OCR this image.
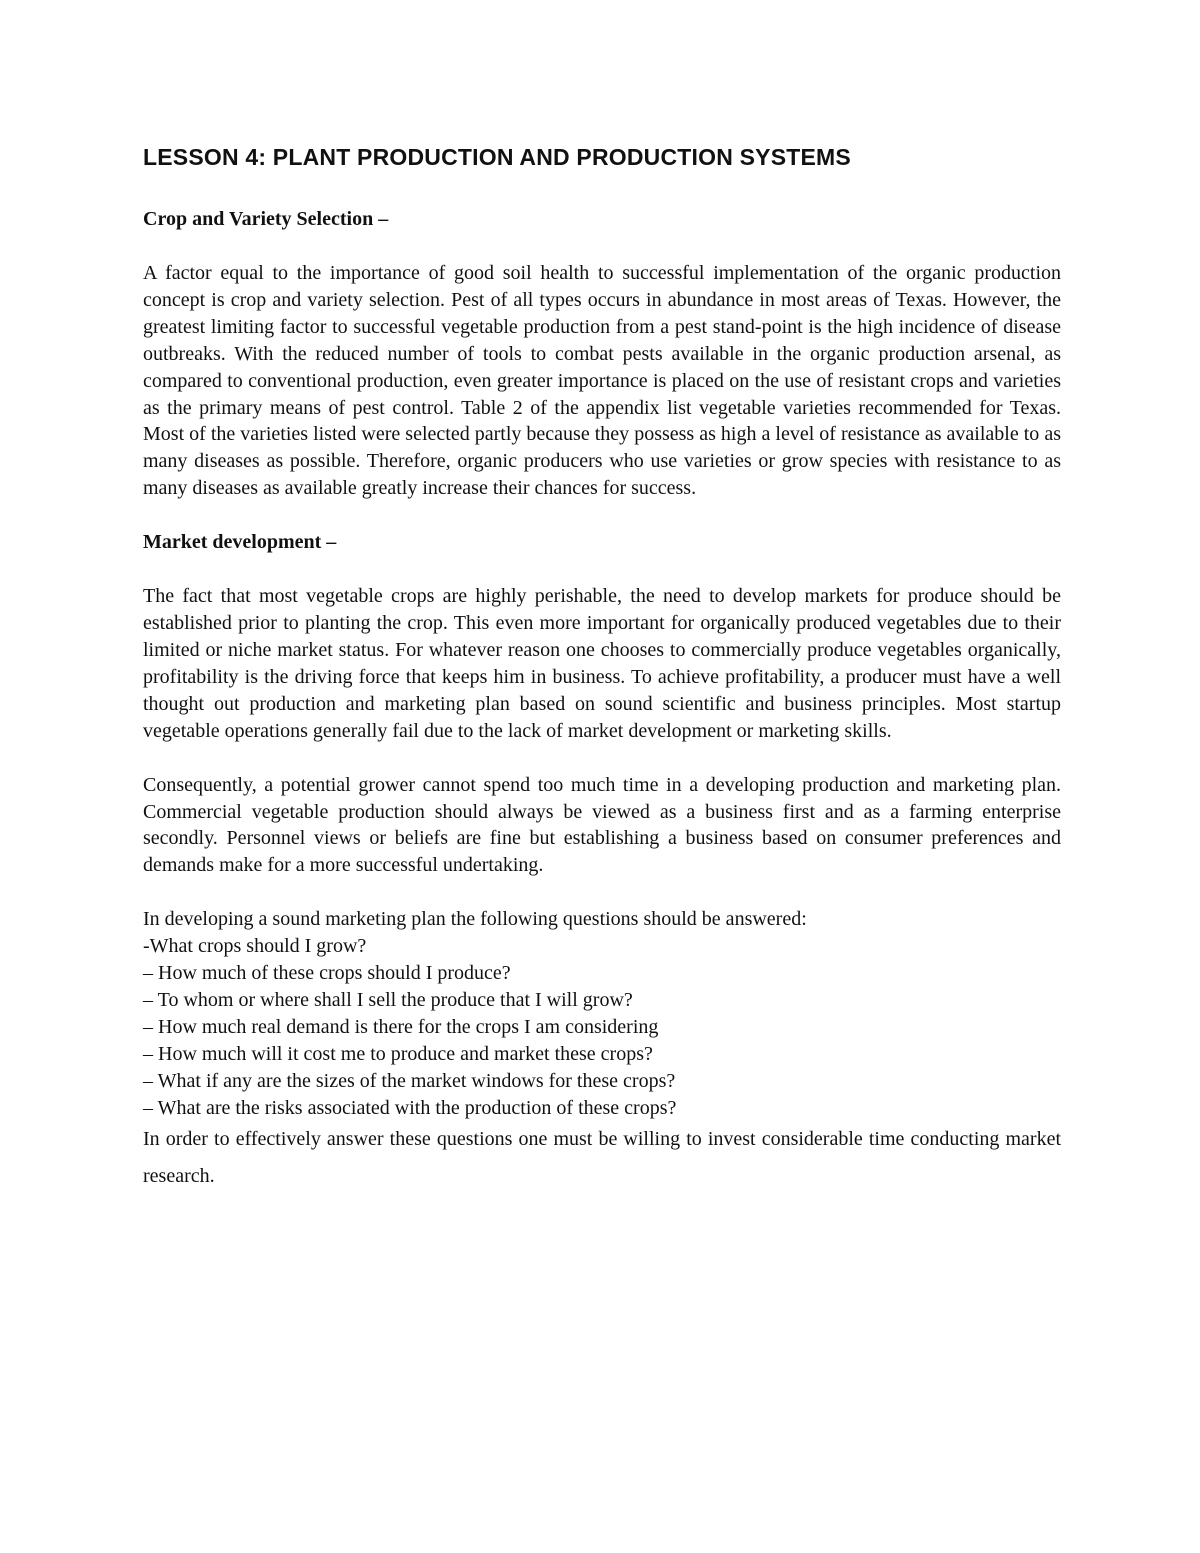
LESSON 4: PLANT PRODUCTION AND PRODUCTION SYSTEMS
Crop and Variety Selection –

A factor equal to the importance of good soil health to successful implementation of the organic production concept is crop and variety selection. Pest of all types occurs in abundance in most areas of Texas. However, the greatest limiting factor to successful vegetable production from a pest stand-point is the high incidence of disease outbreaks. With the reduced number of tools to combat pests available in the organic production arsenal, as compared to conventional production, even greater importance is placed on the use of resistant crops and varieties as the primary means of pest control. Table 2 of the appendix list vegetable varieties recommended for Texas. Most of the varieties listed were selected partly because they possess as high a level of resistance as available to as many diseases as possible. Therefore, organic producers who use varieties or grow species with resistance to as many diseases as available greatly increase their chances for success.

Market development –

The fact that most vegetable crops are highly perishable, the need to develop markets for produce should be established prior to planting the crop. This even more important for organically produced vegetables due to their limited or niche market status. For whatever reason one chooses to commercially produce vegetables organically, profitability is the driving force that keeps him in business. To achieve profitability, a producer must have a well thought out production and marketing plan based on sound scientific and business principles. Most startup vegetable operations generally fail due to the lack of market development or marketing skills.

Consequently, a potential grower cannot spend too much time in a developing production and marketing plan. Commercial vegetable production should always be viewed as a business first and as a farming enterprise secondly. Personnel views or beliefs are fine but establishing a business based on consumer preferences and demands make for a more successful undertaking.

In developing a sound marketing plan the following questions should be answered:
-What crops should I grow?
– How much of these crops should I produce?
– To whom or where shall I sell the produce that I will grow?
– How much real demand is there for the crops I am considering
– How much will it cost me to produce and market these crops?
– What if any are the sizes of the market windows for these crops?
– What are the risks associated with the production of these crops?

In order to effectively answer these questions one must be willing to invest considerable time conducting market research.
